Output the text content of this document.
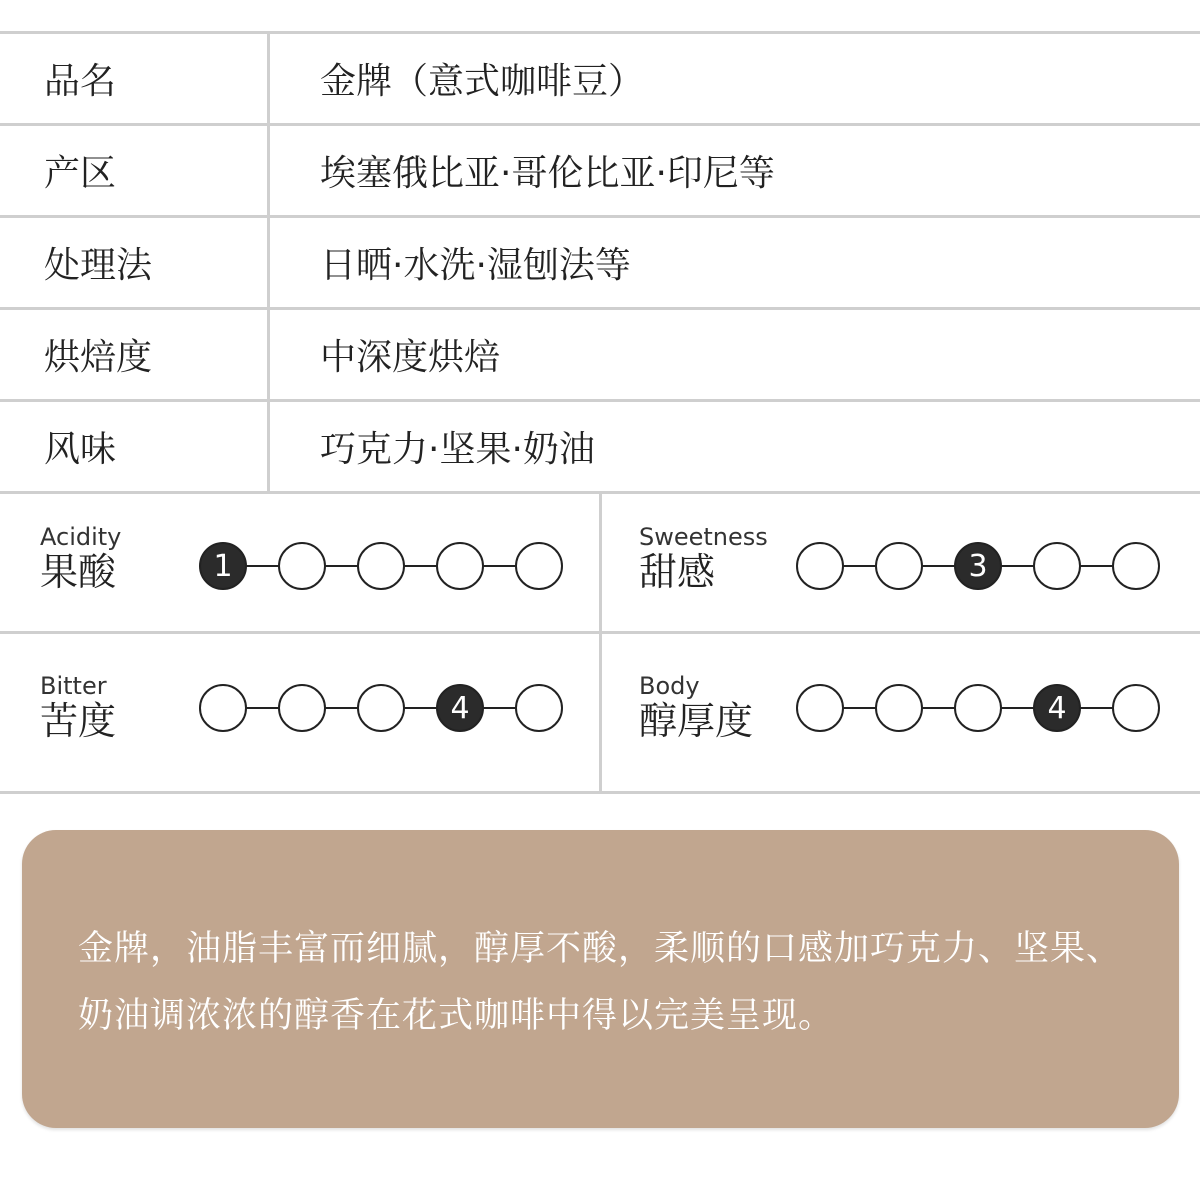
品名	金牌（意式咖啡豆）
产区	埃塞俄比亚·哥伦比亚·印尼等
处理法	日晒·水洗·湿刨法等
烘焙度	中深度烘焙
风味	巧克力·坚果·奶油
Acidity
果酸	1
Sweetness
甜感	3
Bitter
苦度	4
Body
醇厚度	4
金牌，油脂丰富而细腻，醇厚不酸，柔顺的口感加巧克力、坚果、奶油调浓浓的醇香在花式咖啡中得以完美呈现。
